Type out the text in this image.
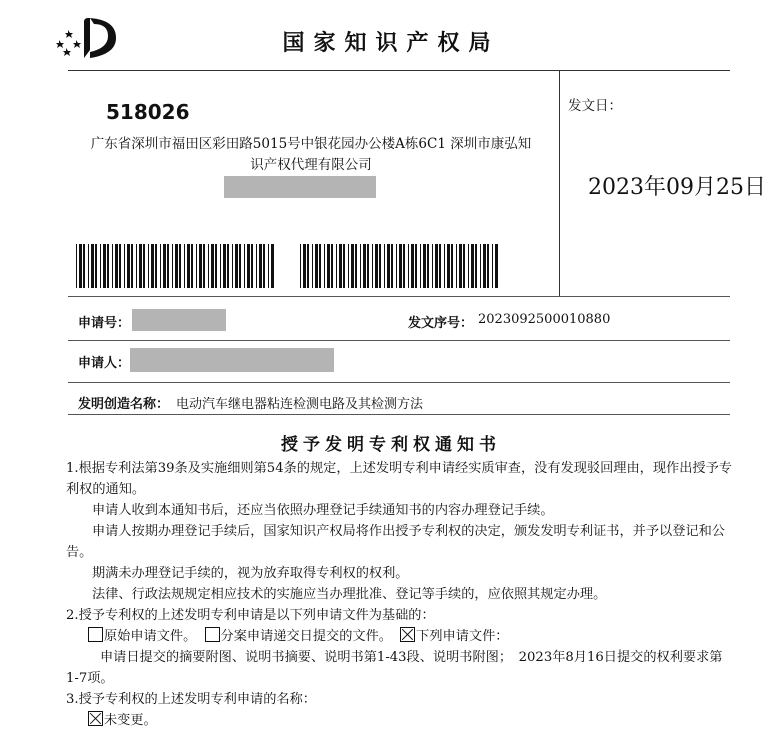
国家知识产权局
518026
广东省深圳市福田区彩田路5015号中银花园办公楼A栋6C1 深圳市康弘知识产权代理有限公司
发文日：
2023年09月25日
申请号：	发文序号： 2023092500010880
申请人：
发明创造名称： 电动汽车继电器粘连检测电路及其检测方法
授予发明专利权通知书

1.根据专利法第39条及实施细则第54条的规定，上述发明专利申请经实质审查，没有发现驳回理由，现作出授予专利权的通知。

申请人收到本通知书后，还应当依照办理登记手续通知书的内容办理登记手续。

申请人按期办理登记手续后，国家知识产权局将作出授予专利权的决定，颁发发明专利证书，并予以登记和公告。

期满未办理登记手续的，视为放弃取得专利权的权利。

法律、行政法规规定相应技术的实施应当办理批准、登记等手续的，应依照其规定办理。

2.授予专利权的上述发明专利申请是以下列申请文件为基础的：

原始申请文件。 分案申请递交日提交的文件。 下列申请文件：

申请日提交的摘要附图、说明书摘要、说明书第1-43段、说明书附图；　2023年8月16日提交的权利要求第1-7项。

3.授予专利权的上述发明专利申请的名称：

未变更。
